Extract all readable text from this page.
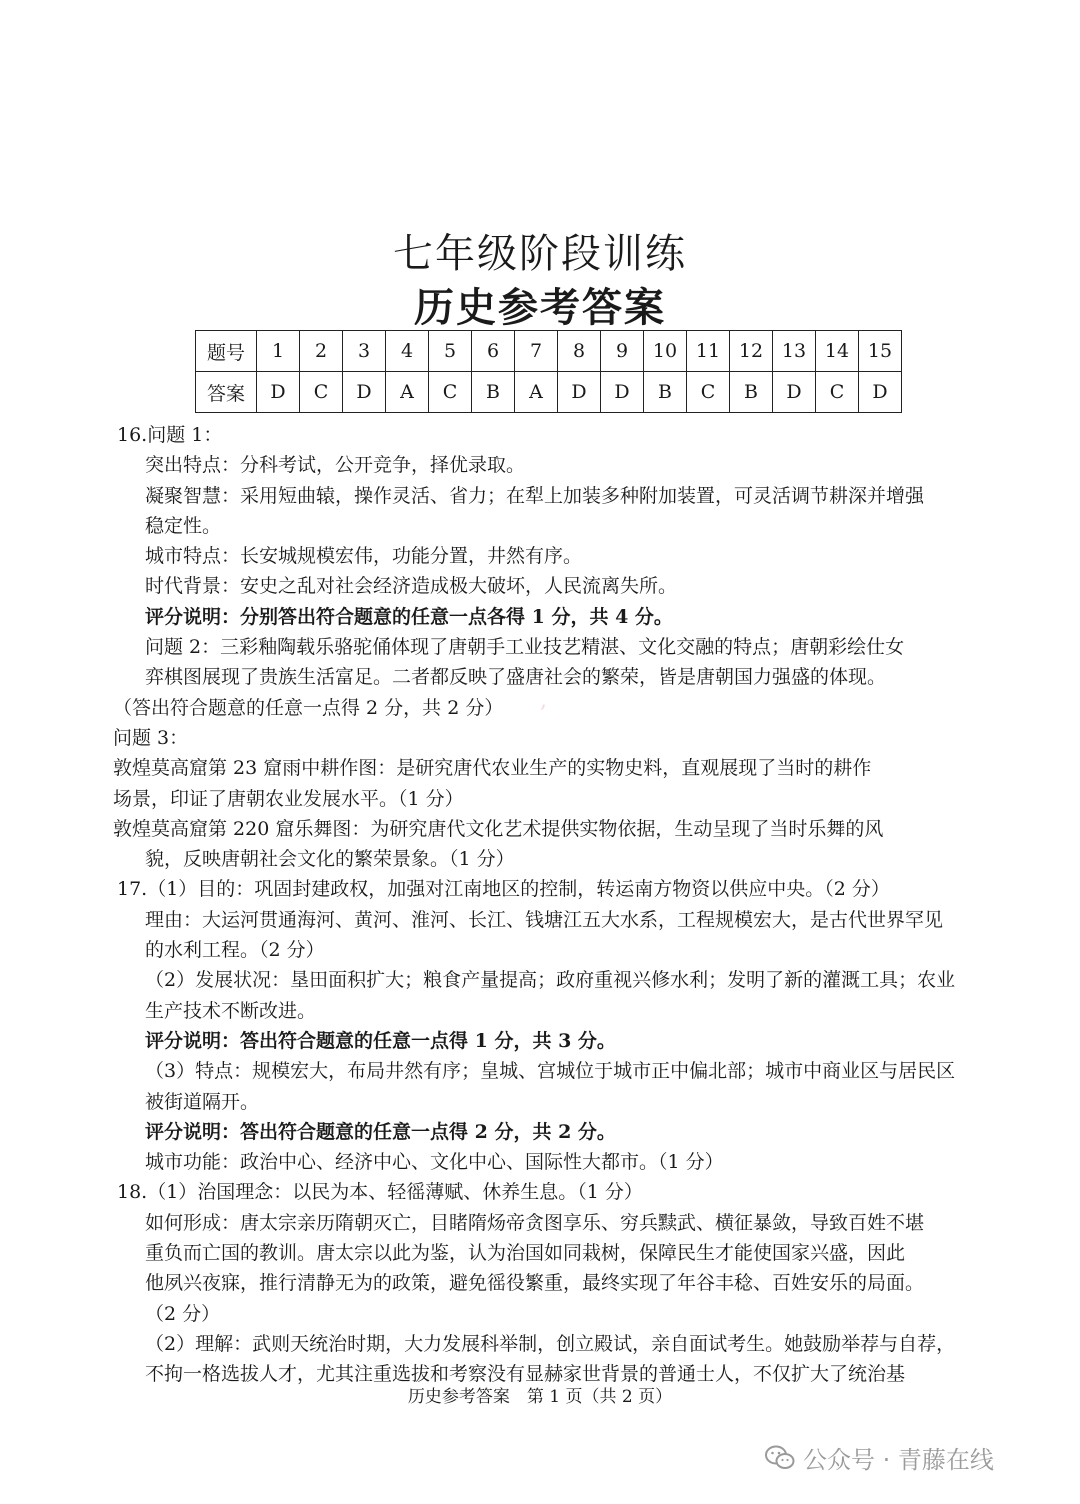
七年级阶段训练
历史参考答案
题号	1	2	3	4	5	6	7	8	9	10	11	12	13	14	15
答案	D	C	D	A	C	B	A	D	D	B	C	B	D	C	D
16.问题 1：
突出特点：分科考试，公开竞争，择优录取。
凝聚智慧：采用短曲辕，操作灵活、省力；在犁上加装多种附加装置，可灵活调节耕深并增强
稳定性。
城市特点：长安城规模宏伟，功能分置，井然有序。
时代背景：安史之乱对社会经济造成极大破坏，人民流离失所。
评分说明：分别答出符合题意的任意一点各得 1 分，共 4 分。
问题 2：三彩釉陶载乐骆驼俑体现了唐朝手工业技艺精湛、文化交融的特点；唐朝彩绘仕女
弈棋图展现了贵族生活富足。二者都反映了盛唐社会的繁荣，皆是唐朝国力强盛的体现。
（答出符合题意的任意一点得 2 分，共 2 分）
问题 3：
敦煌莫高窟第 23 窟雨中耕作图：是研究唐代农业生产的实物史料，直观展现了当时的耕作
场景，印证了唐朝农业发展水平。（1 分）
敦煌莫高窟第 220 窟乐舞图：为研究唐代文化艺术提供实物依据，生动呈现了当时乐舞的风
貌，反映唐朝社会文化的繁荣景象。（1 分）
17.（1）目的：巩固封建政权，加强对江南地区的控制，转运南方物资以供应中央。（2 分）
理由：大运河贯通海河、黄河、淮河、长江、钱塘江五大水系，工程规模宏大，是古代世界罕见
的水利工程。（2 分）
（2）发展状况：垦田面积扩大；粮食产量提高；政府重视兴修水利；发明了新的灌溉工具；农业
生产技术不断改进。
评分说明：答出符合题意的任意一点得 1 分，共 3 分。
（3）特点：规模宏大，布局井然有序；皇城、宫城位于城市正中偏北部；城市中商业区与居民区
被街道隔开。
评分说明：答出符合题意的任意一点得 2 分，共 2 分。
城市功能：政治中心、经济中心、文化中心、国际性大都市。（1 分）
18.（1）治国理念：以民为本、轻徭薄赋、休养生息。（1 分）
如何形成：唐太宗亲历隋朝灭亡，目睹隋炀帝贪图享乐、穷兵黩武、横征暴敛，导致百姓不堪
重负而亡国的教训。唐太宗以此为鉴，认为治国如同栽树，保障民生才能使国家兴盛，因此
他夙兴夜寐，推行清静无为的政策，避免徭役繁重，最终实现了年谷丰稔、百姓安乐的局面。
（2 分）
（2）理解：武则天统治时期，大力发展科举制，创立殿试，亲自面试考生。她鼓励举荐与自荐，
不拘一格选拔人才，尤其注重选拔和考察没有显赫家世背景的普通士人，不仅扩大了统治基
,
历史参考答案　第 1 页（共 2 页）
公众号 · 青藤在线
